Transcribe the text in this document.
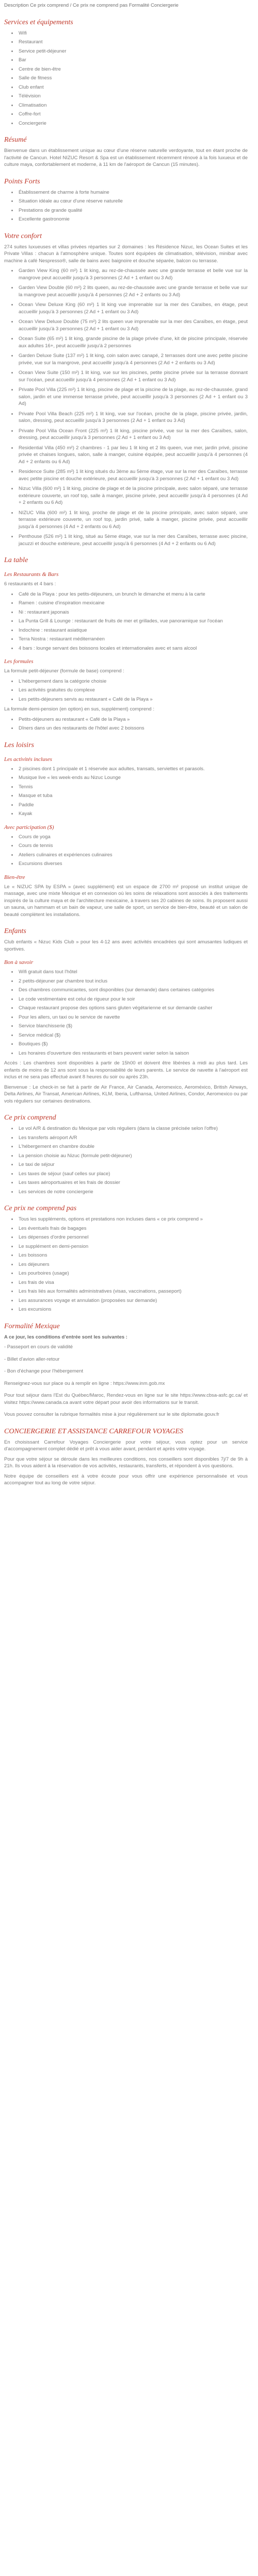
Description Ce prix comprend / Ce prix ne comprend pas Formalité Conciergerie
Services et équipements
• Wifi
• Restaurant
• Service petit-déjeuner
• Bar
• Centre de bien-être
• Salle de fitness
• Club enfant
• Télévision
• Climatisation
• Coffre-fort
• Conciergerie
Résumé

Bienvenue dans un établissement unique au cœur d'une réserve naturelle verdoyante, tout en étant proche de l'activité de Cancun. Hotel NIZUC Resort & Spa est un établissement récemment rénové à la fois luxueux et de culture maya, confortablement et moderne, à 11 km de l'aéroport de Cancun (15 minutes).

Points Forts
• Établissement de charme à forte humaine
• Situation idéale au cœur d'une réserve naturelle
• Prestations de grande qualité
• Excellente gastronomie
Votre confort

274 suites luxueuses et villas privées réparties sur 2 domaines : les Résidence Nizuc, les Ocean Suites et les Private Villas : chacun à l'atmosphère unique. Toutes sont équipées de climatisation, télévision, minibar avec machine à café Nespresso®, salle de bains avec baignoire et douche séparée, balcon ou terrasse.

• Garden View King (60 m²) 1 lit king, au rez-de-chaussée avec une grande terrasse et belle vue sur la mangrove peut accueillir jusqu'à 3 personnes (2 Ad + 1 enfant ou 3 Ad)
• Garden View Double (60 m²) 2 lits queen, au rez-de-chaussée avec une grande terrasse et belle vue sur la mangrove peut accueillir jusqu'à 4 personnes (2 Ad + 2 enfants ou 3 Ad)
• Ocean View Deluxe King (60 m²) 1 lit king vue imprenable sur la mer des Caraïbes, en étage, peut accueillir jusqu'à 3 personnes (2 Ad + 1 enfant ou 3 Ad)
• Ocean View Deluxe Double (75 m²) 2 lits queen vue imprenable sur la mer des Caraïbes, en étage, peut accueillir jusqu'à 3 personnes (2 Ad + 1 enfant ou 3 Ad)
• Ocean Suite (65 m²) 1 lit king, grande piscine de la plage privée d'une, kit de piscine principale, réservée aux adultes 16+, peut accueillir jusqu'à 2 personnes
• Garden Deluxe Suite (137 m²) 1 lit king, coin salon avec canapé, 2 terrasses dont une avec petite piscine privée, vue sur la mangrove, peut accueillir jusqu'à 4 personnes (2 Ad + 2 enfants ou 3 Ad)
• Ocean View Suite (150 m²) 1 lit king, vue sur les piscines, petite piscine privée sur la terrasse donnant sur l'océan, peut accueillir jusqu'à 4 personnes (2 Ad + 1 enfant ou 3 Ad)
• Private Pool Villa (225 m²) 1 lit king, piscine de plage et la piscine de la plage, au rez-de-chaussée, grand salon, jardin et une immense terrasse privée, peut accueillir jusqu'à 3 personnes (2 Ad + 1 enfant ou 3 Ad)
• Private Pool Villa Beach (225 m²) 1 lit king, vue sur l'océan, proche de la plage, piscine privée, jardin, salon, dressing, peut accueillir jusqu'à 3 personnes (2 Ad + 1 enfant ou 3 Ad)
• Private Pool Villa Ocean Front (225 m²) 1 lit king, piscine privée, vue sur la mer des Caraïbes, salon, dressing, peut accueillir jusqu'à 3 personnes (2 Ad + 1 enfant ou 3 Ad)
• Residential Villa (450 m²) 2 chambres - 1 par lieu 1 lit king et 2 lits queen, vue mer, jardin privé, piscine privée et chaises longues, salon, salle à manger, cuisine équipée, peut accueillir jusqu'à 4 personnes (4 Ad + 2 enfants ou 6 Ad)
• Residence Suite (285 m²) 1 lit king situés du 3ème au 5ème étage, vue sur la mer des Caraïbes, terrasse avec petite piscine et douche extérieure, peut accueillir jusqu'à 3 personnes (2 Ad + 1 enfant ou 3 Ad)
• Nizuc Villa (600 m²) 1 lit king, piscine de plage et de la piscine principale, avec salon séparé, une terrasse extérieure couverte, un roof top, salle à manger, piscine privée, peut accueillir jusqu'à 4 personnes (4 Ad + 2 enfants ou 6 Ad)
• NIZUC Villa (600 m²) 1 lit king, proche de plage et de la piscine principale, avec salon séparé, une terrasse extérieure couverte, un roof top, jardin privé, salle à manger, piscine privée, peut accueillir jusqu'à 4 personnes (4 Ad + 2 enfants ou 6 Ad)
• Penthouse (526 m²) 1 lit king, situé au 5ème étage, vue sur la mer des Caraïbes, terrasse avec piscine, jacuzzi et douche extérieure, peut accueillir jusqu'à 6 personnes (4 Ad + 2 enfants ou 6 Ad)
La table
Les Restaurants & Bars

6 restaurants et 4 bars :

• Café de la Playa : pour les petits-déjeuners, un brunch le dimanche et menu à la carte
• Ramen : cuisine d'inspiration mexicaine
• Ni : restaurant japonais
• La Punta Grill & Lounge : restaurant de fruits de mer et grillades, vue panoramique sur l'océan
• Indochine : restaurant asiatique
• Terra Nostra : restaurant méditerranéen
• 4 bars : lounge servant des boissons locales et internationales avec et sans alcool
Les formules

La formule petit-déjeuner (formule de base) comprend :

• L'hébergement dans la catégorie choisie
• Les activités gratuites du complexe
• Les petits-déjeuners servis au restaurant « Café de la Playa »

La formule demi-pension (en option) en sus, supplément) comprend :

• Petits-déjeuners au restaurant « Café de la Playa »
• Dîners dans un des restaurants de l'hôtel avec 2 boissons
Les loisirs
Les activités incluses
• 2 piscines dont 1 principale et 1 réservée aux adultes, transats, serviettes et parasols.
• Musique live « les week-ends au Nizuc Lounge
• Tennis
• Masque et tuba
• Paddle
• Kayak
Avec participation ($)
• Cours de yoga
• Cours de tennis
• Ateliers culinaires et expériences culinaires
• Excursions diverses
Bien-être

Le « NIZUC SPA by ESPA » (avec supplément) est un espace de 2700 m² proposé un institut unique de massage, avec une mixte Mexique et en connexion où les soins de relaxations sont associés à des traitements inspirés de la culture maya et de l'architecture mexicaine, à travers ses 20 cabines de soins. Ils proposent aussi un sauna, un hammam et un bain de vapeur, une salle de sport, un service de bien-être, beauté et un salon de beauté complètent les installations.

Enfants

Club enfants « Nizuc Kids Club » pour les 4-12 ans avec activités encadrées qui sont amusantes ludiques et sportives.

Bon à savoir
• Wifi gratuit dans tout l'hôtel
• 2 petits-déjeuner par chambre tout inclus
• Des chambres communicantes, sont disponibles (sur demande) dans certaines catégories
• Le code vestimentaire est celui de rigueur pour le soir
• Chaque restaurant propose des options sans gluten végétarienne et sur demande casher
• Pour les allers, un taxi ou le service de navette
• Service blanchisserie ($)
• Service médical ($)
• Boutiques ($)
• Les horaires d'ouverture des restaurants et bars peuvent varier selon la saison

Accès : Les chambres sont disponibles à partir de 15h00 et doivent être libérées à midi au plus tard. Les enfants de moins de 12 ans sont sous la responsabilité de leurs parents. Le service de navette à l'aéroport est inclus et ne sera pas effectué avant 8 heures du soir ou après 23h.

Bienvenue : Le check-in se fait à partir de Air France, Air Canada, Aeromexico, Aeroméxico, British Airways, Delta Airlines, Air Transat, American Airlines, KLM, Iberia, Lufthansa, United Airlines, Condor, Aeromexico ou par vols réguliers sur certaines destinations.

Ce prix comprend
• Le vol A/R & destination du Mexique par vols réguliers (dans la classe précisée selon l'offre)
• Les transferts aéroport A/R
• L'hébergement en chambre double
• La pension choisie au Nizuc (formule petit-déjeuner)
• Le taxi de séjour
• Les taxes de séjour (sauf celles sur place)
• Les taxes aéroportuaires et les frais de dossier
• Les services de notre conciergerie
Ce prix ne comprend pas
• Tous les suppléments, options et prestations non incluses dans « ce prix comprend »
• Les éventuels frais de bagages
• Les dépenses d'ordre personnel
• Le supplément en demi-pension
• Les boissons
• Les déjeuners
• Les pourboires (usage)
• Les frais de visa
• Les frais liés aux formalités administratives (visas, vaccinations, passeport)
• Les assurances voyage et annulation (proposées sur demande)
• Les excursions
Formalité Mexique

A ce jour, les conditions d'entrée sont les suivantes :

- Passeport en cours de validité

- Billet d'avion aller-retour

- Bon d'échange pour l'hébergement

Renseignez-vous sur place ou à remplir en ligne : https://www.inm.gob.mx

Pour tout séjour dans l'Est du Québec/Maroc, Rendez-vous en ligne sur le site https://www.cbsa-asfc.gc.ca/ et visitez https://www.canada.ca avant votre départ pour avoir des informations sur le transit.

Vous pouvez consulter la rubrique formalités mise à jour régulièrement sur le site diplomatie.gouv.fr

CONCIERGERIE ET ASSISTANCE CARREFOUR VOYAGES

En choisissant Carrefour Voyages Conciergerie pour votre séjour, vous optez pour un service d'accompagnement complet dédié et prêt à vous aider avant, pendant et après votre voyage.

Pour que votre séjour se déroule dans les meilleures conditions, nos conseillers sont disponibles 7j/7 de 9h à 21h. Ils vous aident à la réservation de vos activités, restaurants, transferts, et répondent à vos questions.

Notre équipe de conseillers est à votre écoute pour vous offrir une expérience personnalisée et vous accompagner tout au long de votre séjour.
